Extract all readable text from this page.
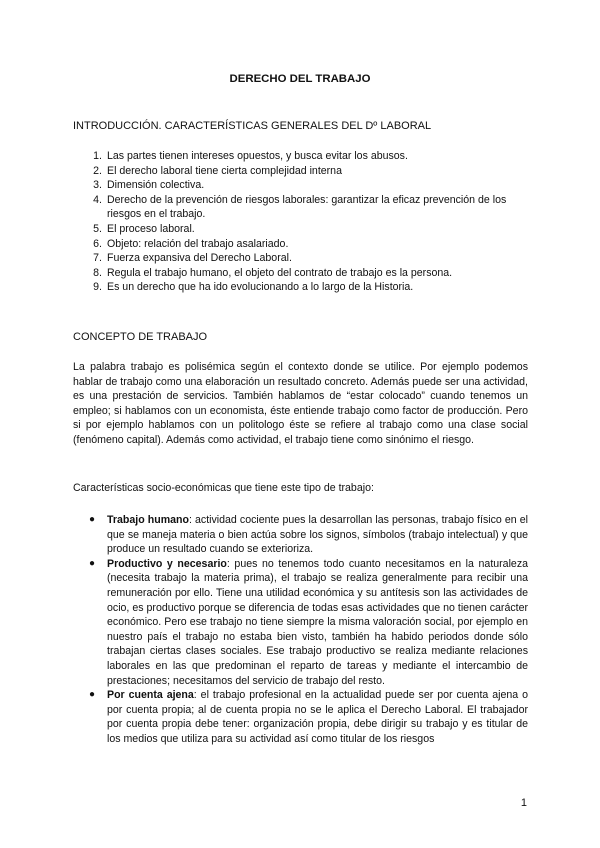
DERECHO DEL TRABAJO
INTRODUCCIÓN. CARACTERÍSTICAS GENERALES DEL Dº LABORAL
1. Las partes tienen intereses opuestos, y busca evitar los abusos.
2. El derecho laboral tiene cierta complejidad interna
3. Dimensión colectiva.
4. Derecho de la prevención de riesgos laborales: garantizar la eficaz prevención de los riesgos en el trabajo.
5. El proceso laboral.
6. Objeto: relación del trabajo asalariado.
7. Fuerza expansiva del Derecho Laboral.
8. Regula el trabajo humano, el objeto del contrato de trabajo es la persona.
9. Es un derecho que ha ido evolucionando a lo largo de la Historia.
CONCEPTO DE TRABAJO

La palabra trabajo es polisémica según el contexto donde se utilice. Por ejemplo podemos hablar de trabajo como una elaboración un resultado concreto. Además puede ser una actividad, es una prestación de servicios. También hablamos de “estar colocado” cuando tenemos un empleo; si hablamos con un economista, éste entiende trabajo como factor de producción. Pero si por ejemplo hablamos con un politologo éste se refiere al trabajo como una clase social (fenómeno capital). Además como actividad, el trabajo tiene como sinónimo el riesgo.

Características socio-económicas que tiene este tipo de trabajo:

● Trabajo humano: actividad cociente pues la desarrollan las personas, trabajo físico en el que se maneja materia o bien actúa sobre los signos, símbolos (trabajo intelectual) y que produce un resultado cuando se exterioriza.
● Productivo y necesario: pues no tenemos todo cuanto necesitamos en la naturaleza (necesita trabajo la materia prima), el trabajo se realiza generalmente para recibir una remuneración por ello. Tiene una utilidad económica y su antítesis son las actividades de ocio, es productivo porque se diferencia de todas esas actividades que no tienen carácter económico. Pero ese trabajo no tiene siempre la misma valoración social, por ejemplo en nuestro país el trabajo no estaba bien visto, también ha habido periodos donde sólo trabajan ciertas clases sociales. Ese trabajo productivo se realiza mediante relaciones laborales en las que predominan el reparto de tareas y mediante el intercambio de prestaciones; necesitamos del servicio de trabajo del resto.
● Por cuenta ajena: el trabajo profesional en la actualidad puede ser por cuenta ajena o por cuenta propia; al de cuenta propia no se le aplica el Derecho Laboral. El trabajador por cuenta propia debe tener: organización propia, debe dirigir su trabajo y es titular de los medios que utiliza para su actividad así como titular de los riesgos
1
